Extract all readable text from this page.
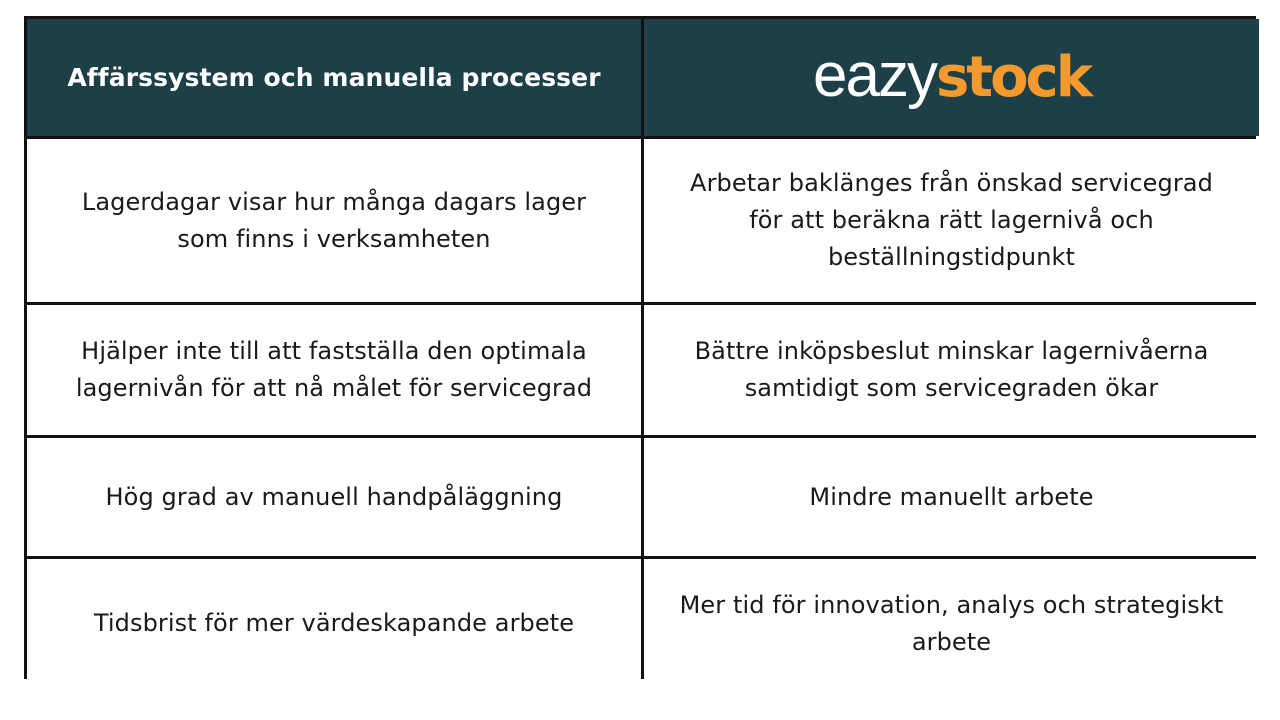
Affärssystem och manuella processer	eazy stock
Lagerdagar visar hur många dagars lager som finns i verksamheten
Arbetar baklänges från önskad servicegrad för att beräkna rätt lagernivå och beställningstidpunkt
Hjälper inte till att fastställa den optimala lagernivån för att nå målet för servicegrad
Bättre inköpsbeslut minskar lagernivåerna samtidigt som servicegraden ökar
Hög grad av manuell handpåläggning	Mindre manuellt arbete
Tidsbrist för mer värdeskapande arbete
Mer tid för innovation, analys och strategiskt arbete
